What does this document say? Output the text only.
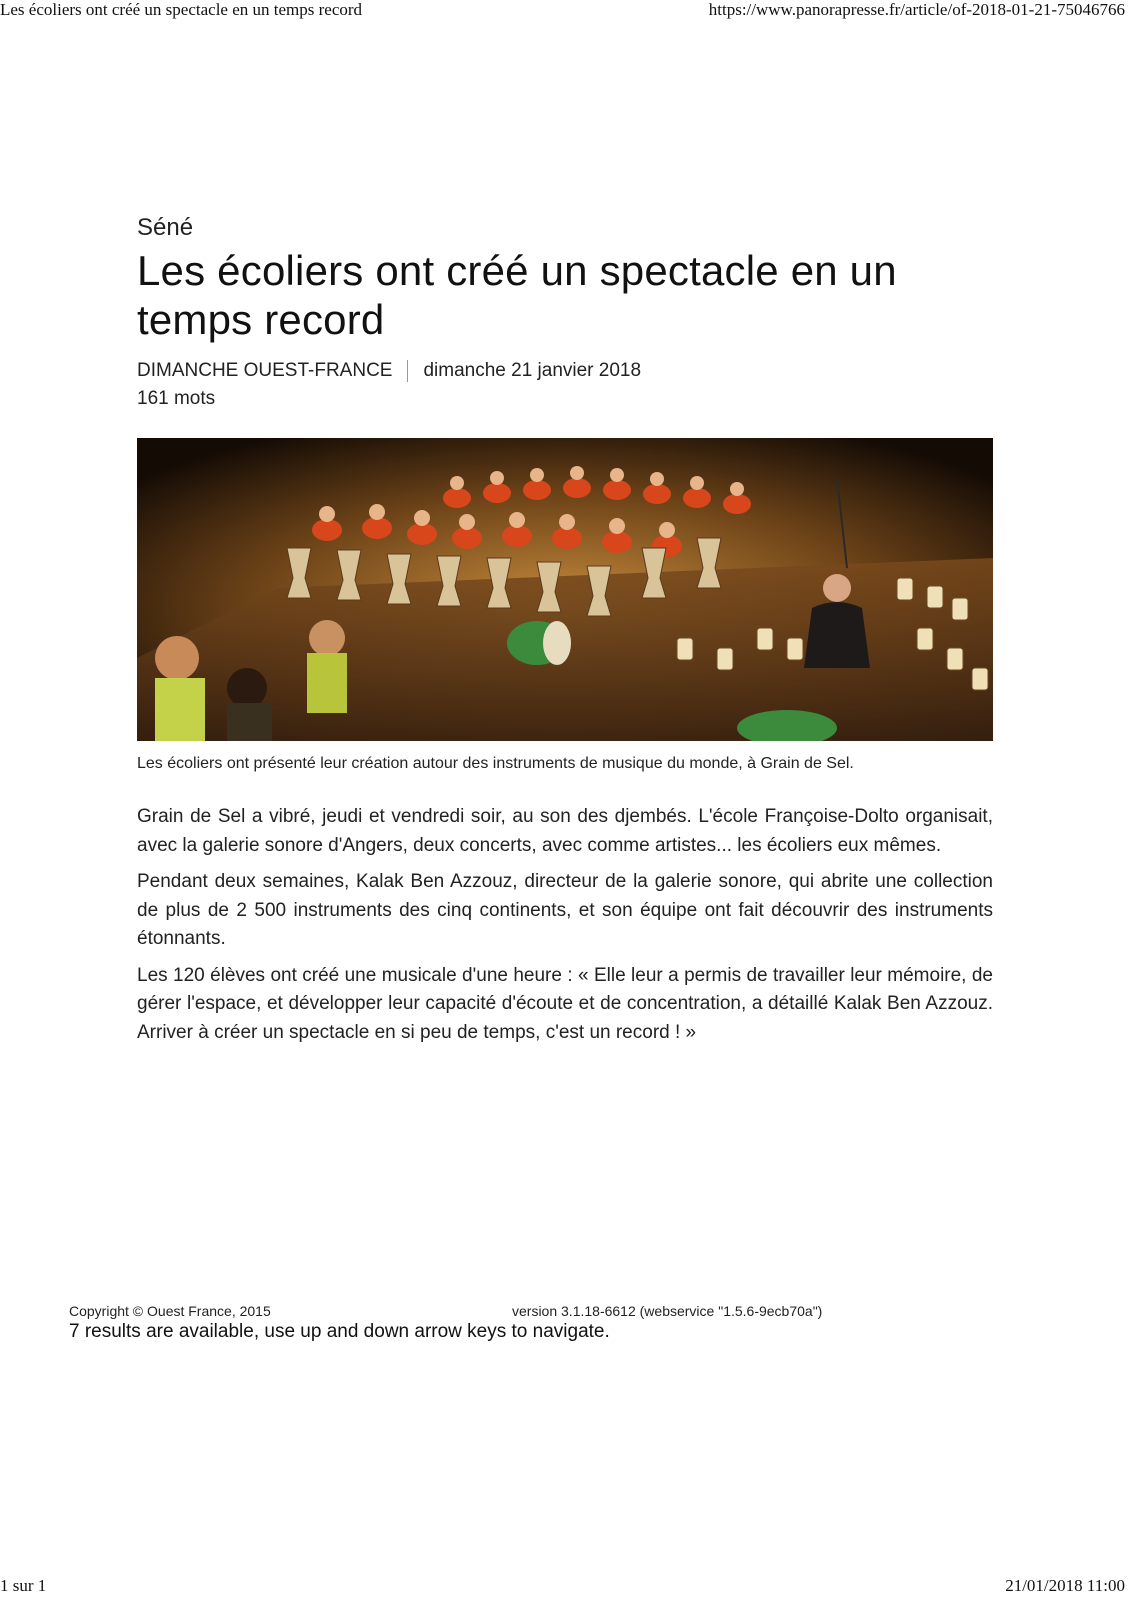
Les écoliers ont créé un spectacle en un temps record	https://www.panorapresse.fr/article/of-2018-01-21-75046766
Séné
Les écoliers ont créé un spectacle en un temps record
DIMANCHE OUEST-FRANCE dimanche 21 janvier 2018
161 mots
Les écoliers ont présenté leur création autour des instruments de musique du monde, à Grain de Sel.

Grain de Sel a vibré, jeudi et vendredi soir, au son des djembés. L'école Françoise-Dolto organisait, avec la galerie sonore d'Angers, deux concerts, avec comme artistes... les écoliers eux mêmes.

Pendant deux semaines, Kalak Ben Azzouz, directeur de la galerie sonore, qui abrite une collection de plus de 2 500 instruments des cinq continents, et son équipe ont fait découvrir des instruments étonnants.

Les 120 élèves ont créé une musicale d'une heure : « Elle leur a permis de travailler leur mémoire, de gérer l'espace, et développer leur capacité d'écoute et de concentration, a détaillé Kalak Ben Azzouz. Arriver à créer un spectacle en si peu de temps, c'est un record ! »

Copyright © Ouest France, 2015	version 3.1.18-6612 (webservice "1.5.6-9ecb70a")
7 results are available, use up and down arrow keys to navigate.
1 sur 1	21/01/2018 11:00
